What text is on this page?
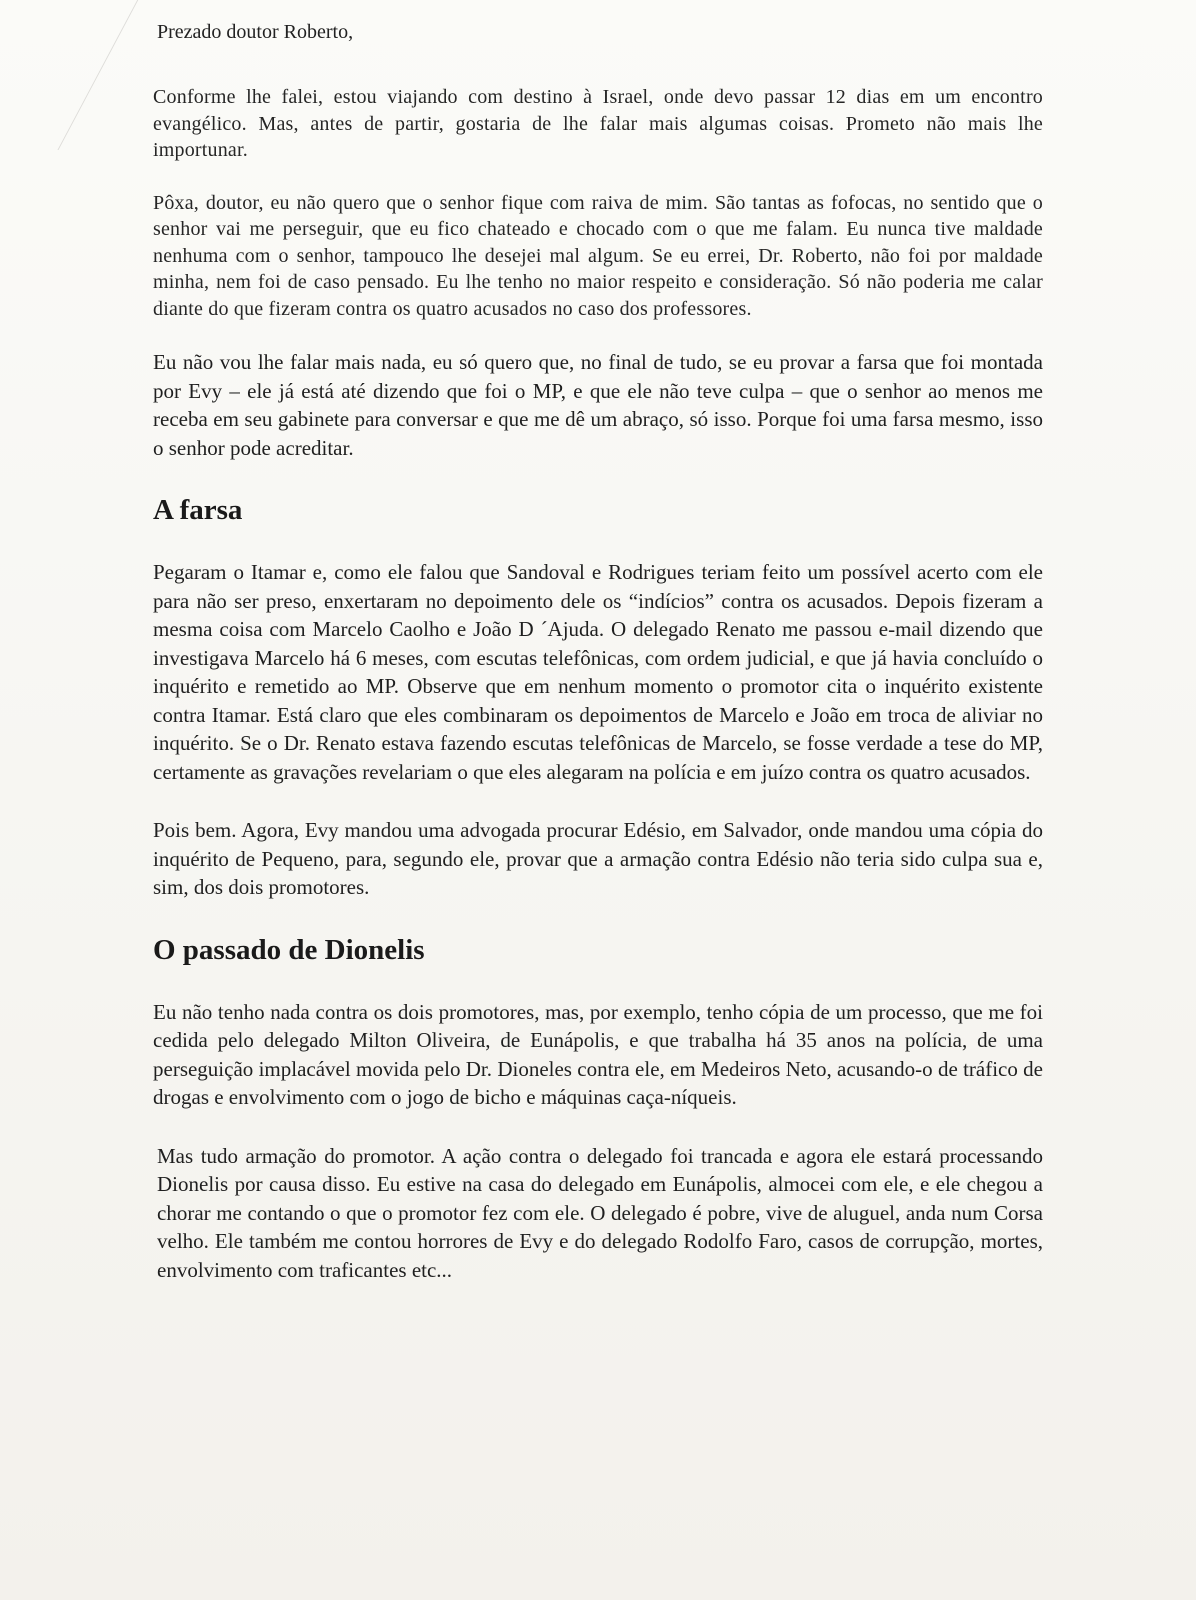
Prezado doutor Roberto,

Conforme lhe falei, estou viajando com destino à Israel, onde devo passar 12 dias em um encontro evangélico. Mas, antes de partir, gostaria de lhe falar mais algumas coisas. Prometo não mais lhe importunar.

Pôxa, doutor, eu não quero que o senhor fique com raiva de mim. São tantas as fofocas, no sentido que o senhor vai me perseguir, que eu fico chateado e chocado com o que me falam. Eu nunca tive maldade nenhuma com o senhor, tampouco lhe desejei mal algum. Se eu errei, Dr. Roberto, não foi por maldade minha, nem foi de caso pensado. Eu lhe tenho no maior respeito e consideração. Só não poderia me calar diante do que fizeram contra os quatro acusados no caso dos professores.

Eu não vou lhe falar mais nada, eu só quero que, no final de tudo, se eu provar a farsa que foi montada por Evy – ele já está até dizendo que foi o MP, e que ele não teve culpa – que o senhor ao menos me receba em seu gabinete para conversar e que me dê um abraço, só isso. Porque foi uma farsa mesmo, isso o senhor pode acreditar.

A farsa

Pegaram o Itamar e, como ele falou que Sandoval e Rodrigues teriam feito um possível acerto com ele para não ser preso, enxertaram no depoimento dele os “indícios” contra os acusados. Depois fizeram a mesma coisa com Marcelo Caolho e João D ´Ajuda. O delegado Renato me passou e-mail dizendo que investigava Marcelo há 6 meses, com escutas telefônicas, com ordem judicial, e que já havia concluído o inquérito e remetido ao MP. Observe que em nenhum momento o promotor cita o inquérito existente contra Itamar. Está claro que eles combinaram os depoimentos de Marcelo e João em troca de aliviar no inquérito. Se o Dr. Renato estava fazendo escutas telefônicas de Marcelo, se fosse verdade a tese do MP, certamente as gravações revelariam o que eles alegaram na polícia e em juízo contra os quatro acusados.

Pois bem. Agora, Evy mandou uma advogada procurar Edésio, em Salvador, onde mandou uma cópia do inquérito de Pequeno, para, segundo ele, provar que a armação contra Edésio não teria sido culpa sua e, sim, dos dois promotores.

O passado de Dionelis

Eu não tenho nada contra os dois promotores, mas, por exemplo, tenho cópia de um processo, que me foi cedida pelo delegado Milton Oliveira, de Eunápolis, e que trabalha há 35 anos na polícia, de uma perseguição implacável movida pelo Dr. Dioneles contra ele, em Medeiros Neto, acusando-o de tráfico de drogas e envolvimento com o jogo de bicho e máquinas caça-níqueis.

Mas tudo armação do promotor. A ação contra o delegado foi trancada e agora ele estará processando Dionelis por causa disso. Eu estive na casa do delegado em Eunápolis, almocei com ele, e ele chegou a chorar me contando o que o promotor fez com ele. O delegado é pobre, vive de aluguel, anda num Corsa velho. Ele também me contou horrores de Evy e do delegado Rodolfo Faro, casos de corrupção, mortes, envolvimento com traficantes etc...
